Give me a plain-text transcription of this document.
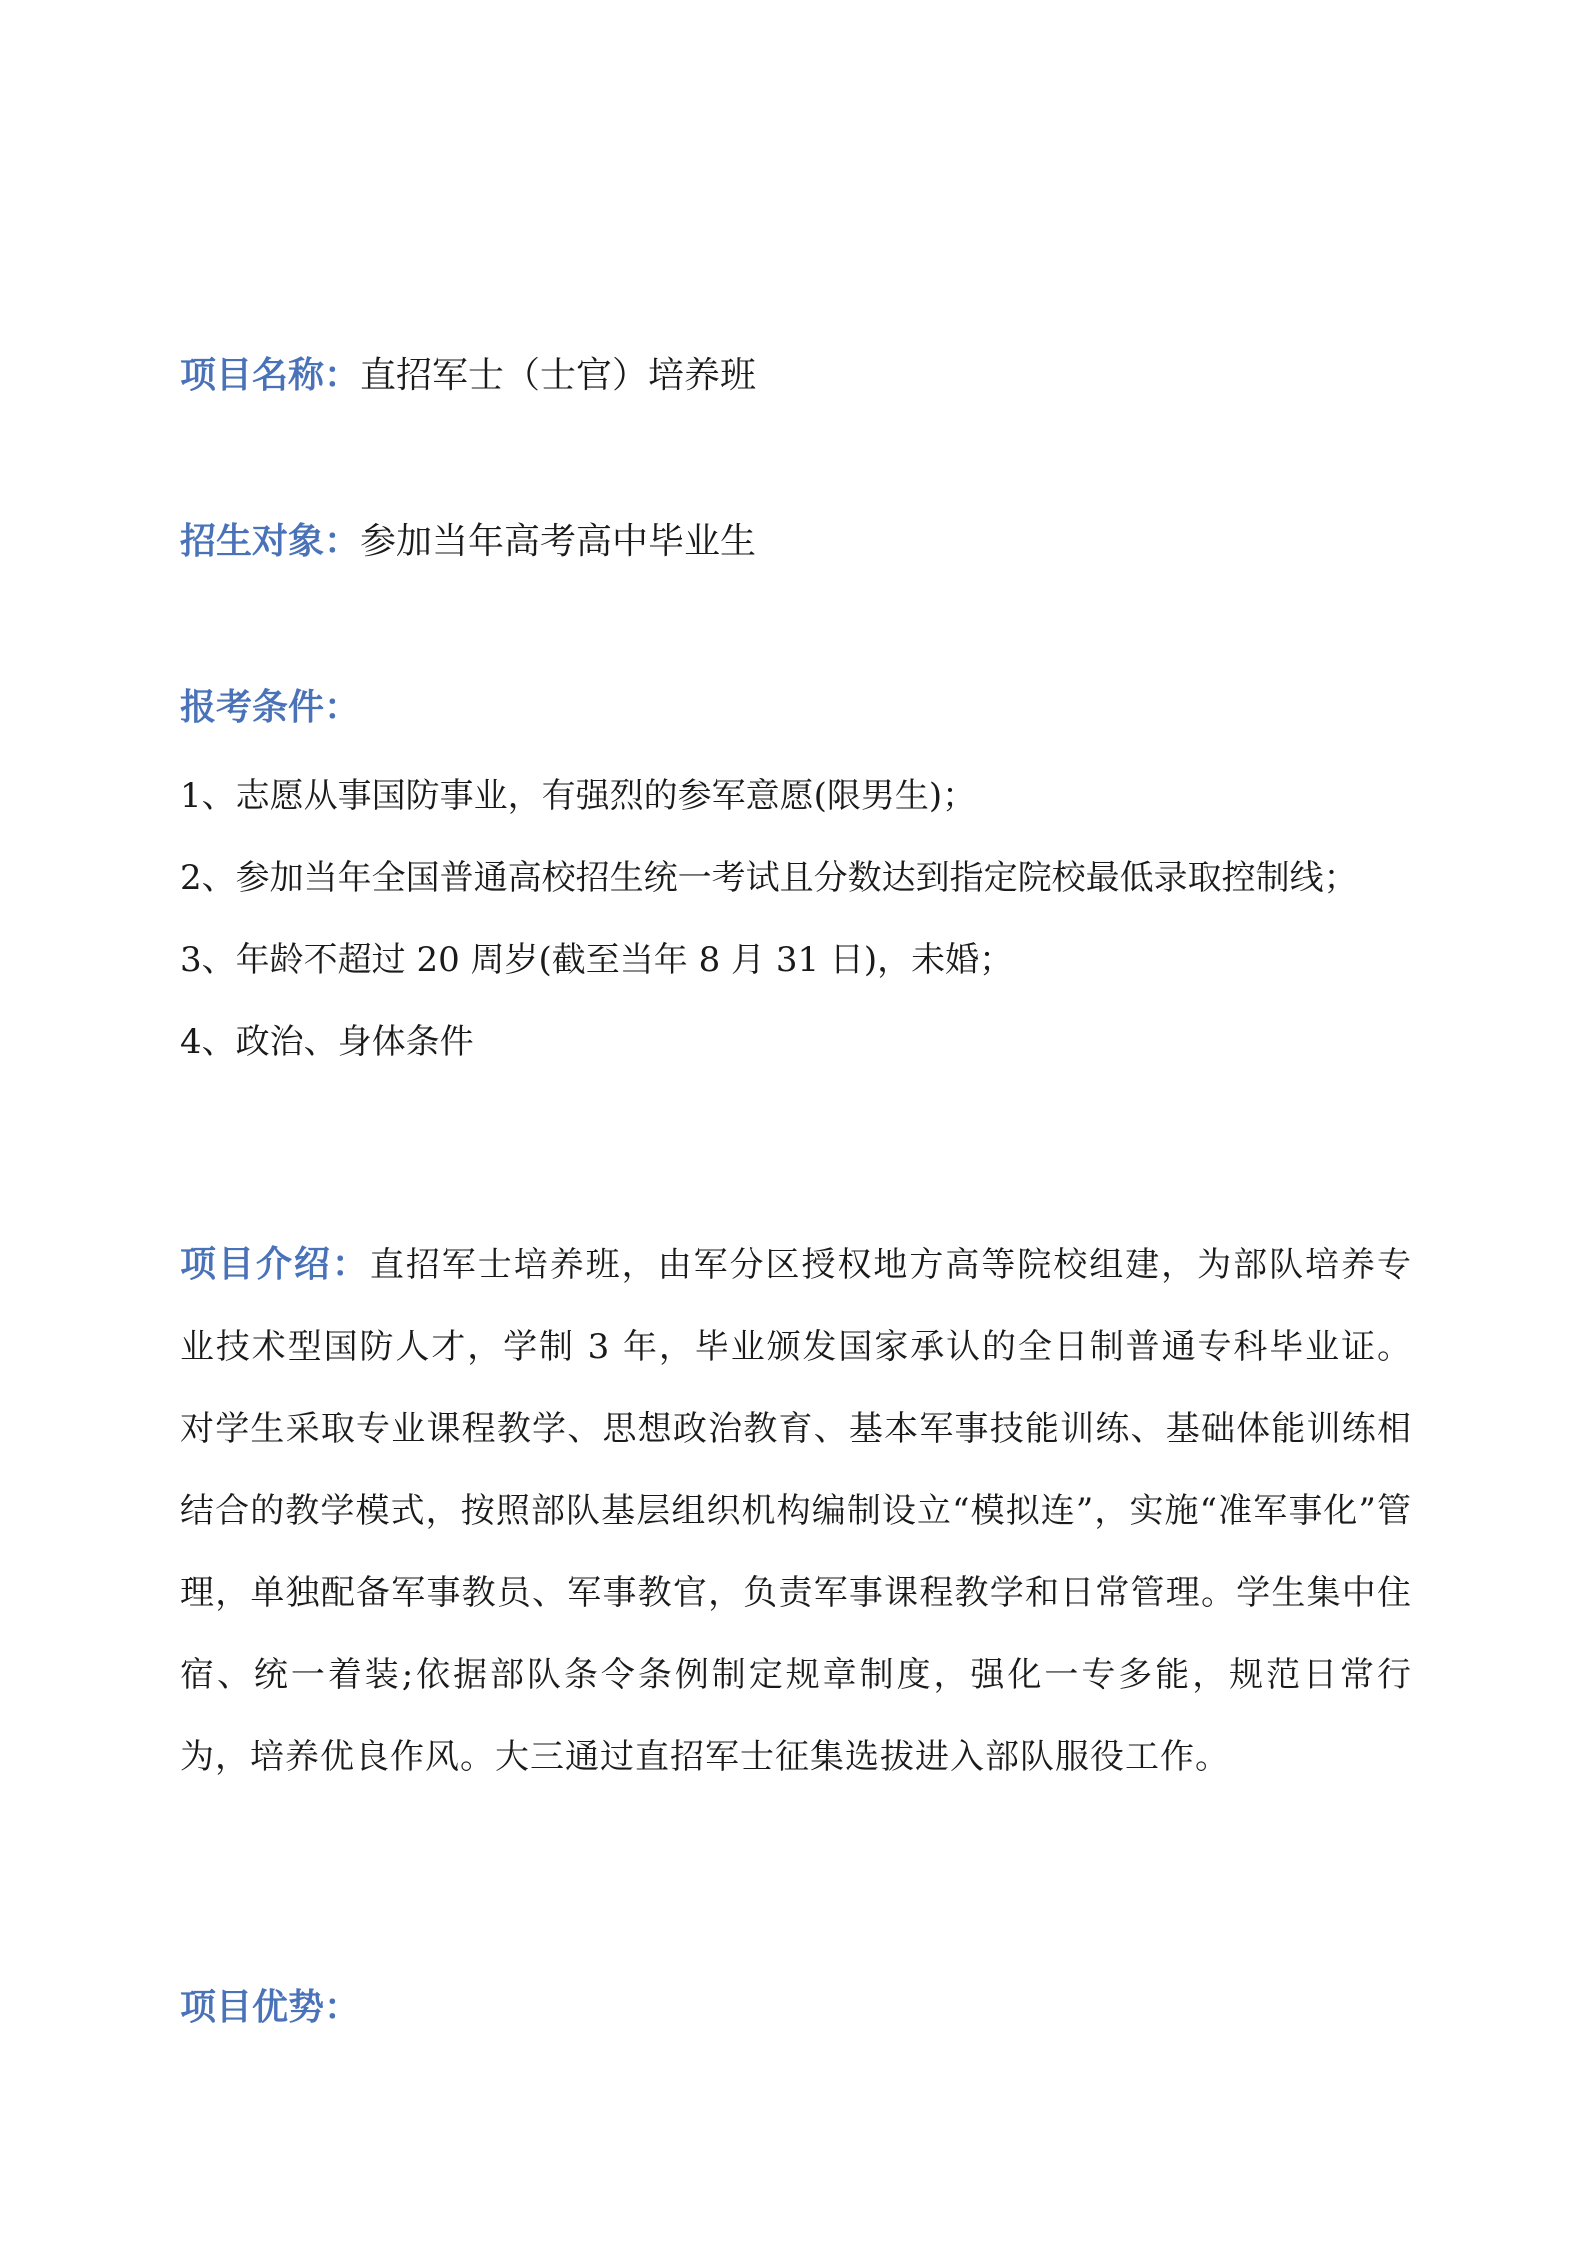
项目名称：直招军士（士官）培养班
招生对象：参加当年高考高中毕业生
报考条件：
1、志愿从事国防事业，有强烈的参军意愿(限男生)；
2、参加当年全国普通高校招生统一考试且分数达到指定院校最低录取控制线；
3、年龄不超过 20 周岁(截至当年 8 月 31 日)，未婚；
4、政治、身体条件
项目介绍：直招军士培养班，由军分区授权地方高等院校组建，为部队培养专业技术型国防人才，学制 3 年，毕业颁发国家承认的全日制普通专科毕业证。对学生采取专业课程教学、思想政治教育、基本军事技能训练、基础体能训练相结合的教学模式，按照部队基层组织机构编制设立“模拟连”，实施“准军事化”管理，单独配备军事教员、军事教官，负责军事课程教学和日常管理。学生集中住宿、统一着装;依据部队条令条例制定规章制度，强化一专多能，规范日常行为，培养优良作风。大三通过直招军士征集选拔进入部队服役工作。
项目优势：
